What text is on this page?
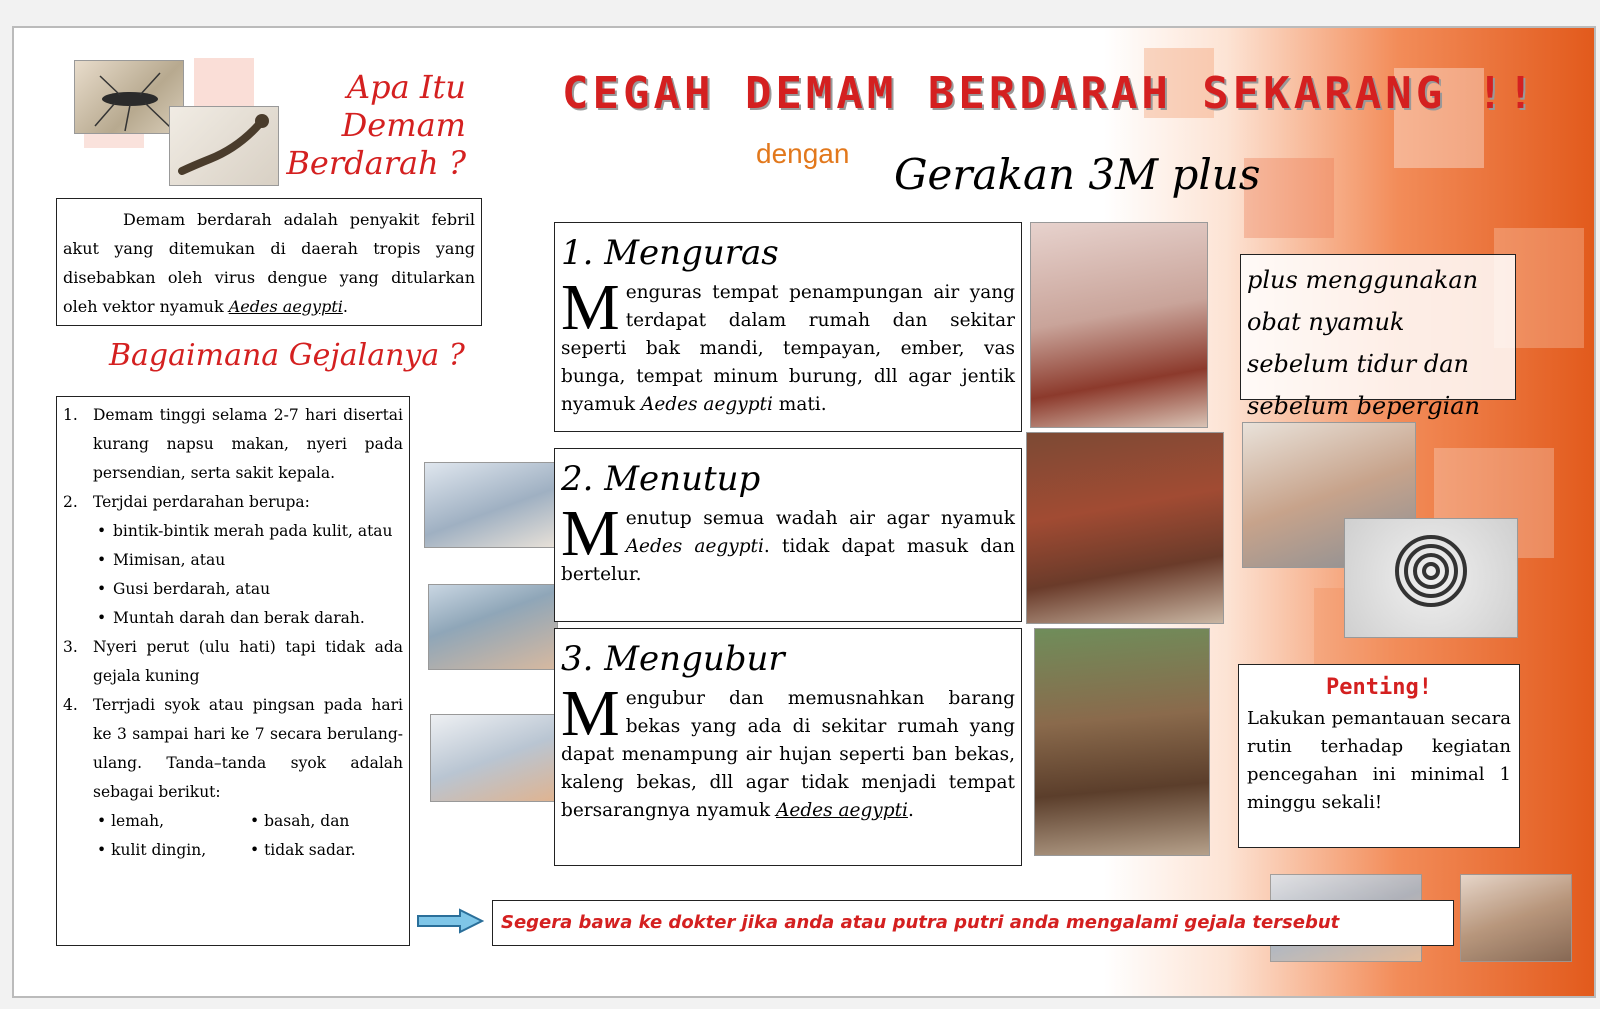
CEGAH DEMAM BERDARAH SEKARANG !!
dengan Gerakan 3M plus
Apa Itu Demam Berdarah ?
Demam berdarah adalah penyakit febril akut yang ditemukan di daerah tropis yang disebabkan oleh virus dengue yang ditularkan oleh vektor nyamuk Aedes aegypti.
Bagaimana Gejalanya ?
1. Demam tinggi selama 2-7 hari disertai kurang napsu makan, nyeri pada persendian, serta sakit kepala.
2. Terjdai perdarahan berupa:
• bintik-bintik merah pada kulit, atau
• Mimisan, atau
• Gusi berdarah, atau
• Muntah darah dan berak darah.
3. Nyeri perut (ulu hati) tapi tidak ada gejala kuning
4. Terrjadi syok atau pingsan pada hari ke 3 sampai hari ke 7 secara berulang-ulang. Tanda–tanda syok adalah sebagai berikut:
• lemah,	• basah, dan
• kulit dingin,	• tidak sadar.
1. Menguras
M enguras tempat penampungan air yang terdapat dalam rumah dan sekitar seperti bak mandi, tempayan, ember, vas bunga, tempat minum burung, dll agar jentik nyamuk Aedes aegypti mati.
2. Menutup
M enutup semua wadah air agar nyamuk Aedes aegypti. tidak dapat masuk dan bertelur.
3. Mengubur
M engubur dan memusnahkan barang bekas yang ada di sekitar rumah yang dapat menampung air hujan seperti ban bekas, kaleng bekas, dll agar tidak menjadi tempat bersarangnya nyamuk Aedes aegypti.
plus menggunakan obat nyamuk sebelum tidur dan sebelum bepergian
Penting!
Lakukan pemantauan secara rutin terhadap kegiatan pencegahan ini minimal 1 minggu sekali!
Segera bawa ke dokter jika anda atau putra putri anda mengalami gejala tersebut
